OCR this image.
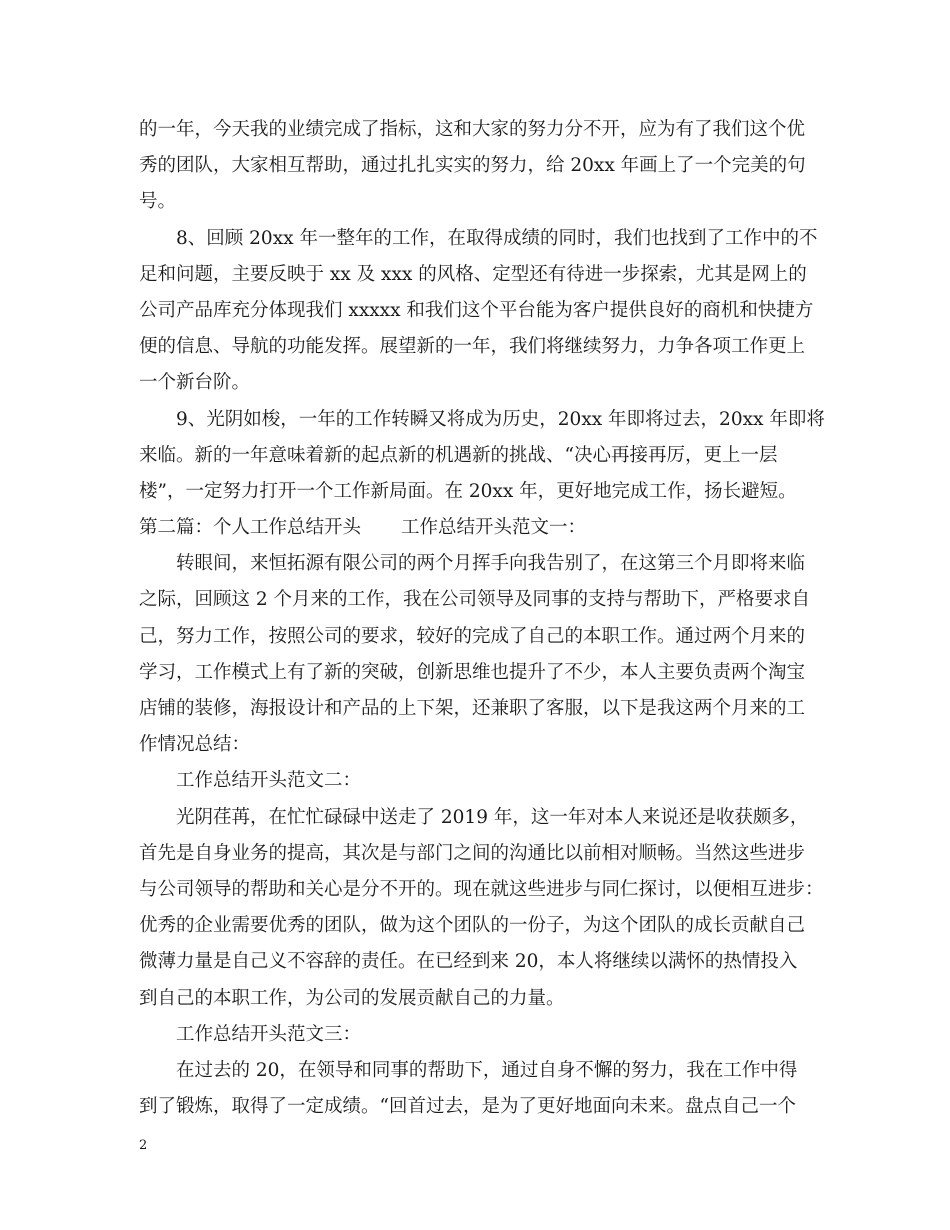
的一年，今天我的业绩完成了指标，这和大家的努力分不开，应为有了我们这个优
秀的团队，大家相互帮助，通过扎扎实实的努力，给 20xx 年画上了一个完美的句
号。
8、回顾 20xx 年一整年的工作，在取得成绩的同时，我们也找到了工作中的不
足和问题，主要反映于 xx 及 xxx 的风格、定型还有待进一步探索，尤其是网上的
公司产品库充分体现我们 xxxxx 和我们这个平台能为客户提供良好的商机和快捷方
便的信息、导航的功能发挥。展望新的一年，我们将继续努力，力争各项工作更上
一个新台阶。
9、光阴如梭，一年的工作转瞬又将成为历史，20xx 年即将过去，20xx 年即将
来临。新的一年意味着新的起点新的机遇新的挑战、“决心再接再厉，更上一层
楼”，一定努力打开一个工作新局面。在 20xx 年，更好地完成工作，扬长避短。
第二篇：个人工作总结开头 工作总结开头范文一：
转眼间，来恒拓源有限公司的两个月挥手向我告别了，在这第三个月即将来临
之际，回顾这 2 个月来的工作，我在公司领导及同事的支持与帮助下，严格要求自
己，努力工作，按照公司的要求，较好的完成了自己的本职工作。通过两个月来的
学习，工作模式上有了新的突破，创新思维也提升了不少，本人主要负责两个淘宝
店铺的装修，海报设计和产品的上下架，还兼职了客服，以下是我这两个月来的工
作情况总结：
工作总结开头范文二：
光阴荏苒，在忙忙碌碌中送走了 2019 年，这一年对本人来说还是收获颇多，
首先是自身业务的提高，其次是与部门之间的沟通比以前相对顺畅。当然这些进步
与公司领导的帮助和关心是分不开的。现在就这些进步与同仁探讨，以便相互进步：
优秀的企业需要优秀的团队，做为这个团队的一份子，为这个团队的成长贡献自己
微薄力量是自己义不容辞的责任。在已经到来 20，本人将继续以满怀的热情投入
到自己的本职工作，为公司的发展贡献自己的力量。
工作总结开头范文三：
在过去的 20，在领导和同事的帮助下，通过自身不懈的努力，我在工作中得
到了锻炼，取得了一定成绩。“回首过去，是为了更好地面向未来。盘点自己一个
2
